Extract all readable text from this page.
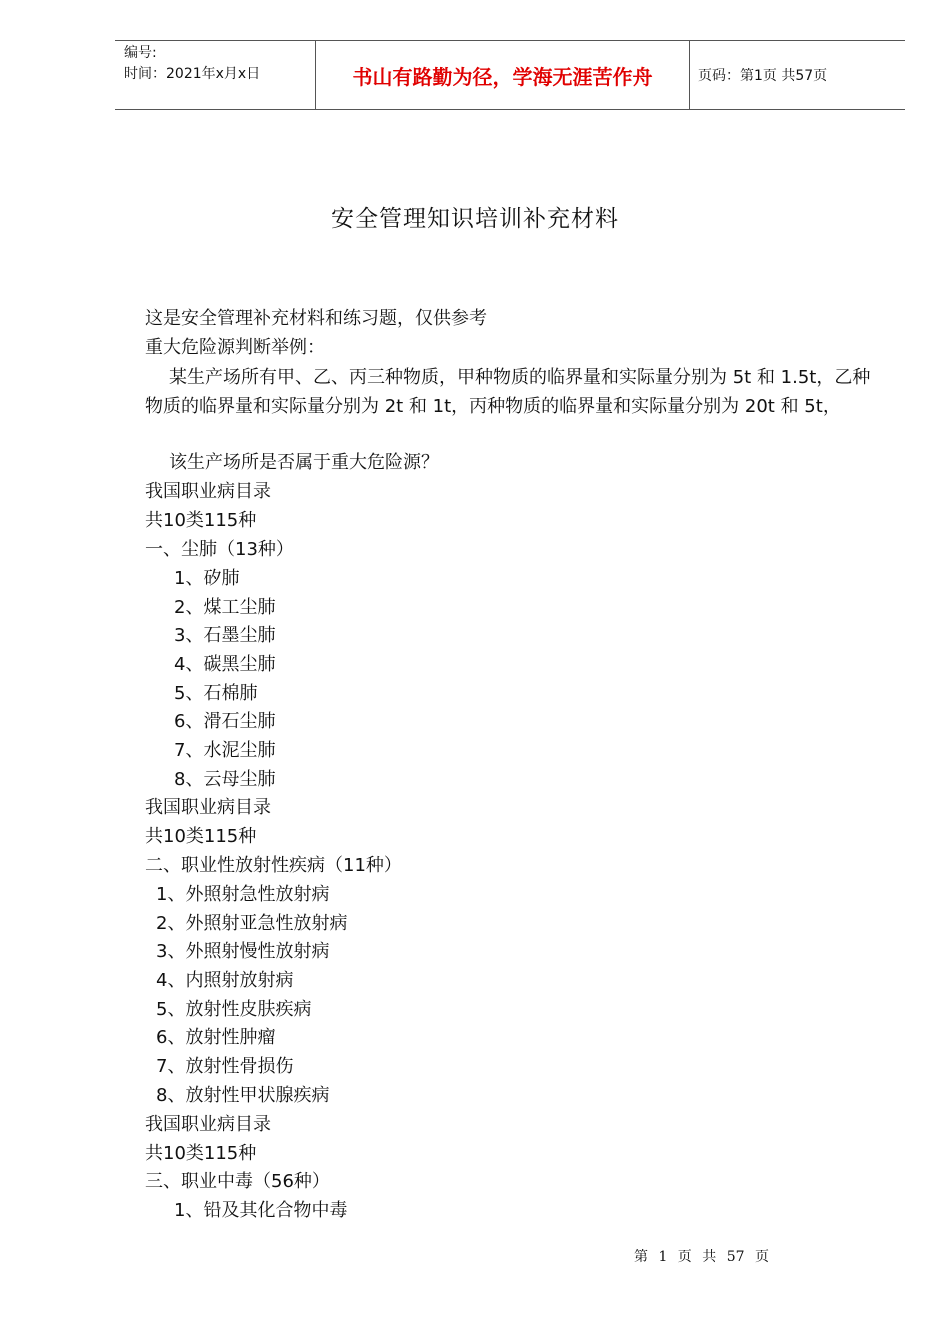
编号:
时间：2021年x月x日	书山有路勤为径，学海无涯苦作舟	页码：第1页 共57页
安全管理知识培训补充材料
这是安全管理补充材料和练习题，仅供参考
重大危险源判断举例：
某生产场所有甲、乙、丙三种物质，甲种物质的临界量和实际量分别为 5t 和 1.5t，乙种物质的临界量和实际量分别为 2t 和 1t，丙种物质的临界量和实际量分别为 20t 和 5t，
该生产场所是否属于重大危险源？
我国职业病目录
共10类115种
一、尘肺（13种）
1、矽肺
2、煤工尘肺
3、石墨尘肺
4、碳黑尘肺
5、石棉肺
6、滑石尘肺
7、水泥尘肺
8、云母尘肺
我国职业病目录
共10类115种
二、职业性放射性疾病（11种）
1、外照射急性放射病
2、外照射亚急性放射病
3、外照射慢性放射病
4、内照射放射病
5、放射性皮肤疾病
6、放射性肿瘤
7、放射性骨损伤
8、放射性甲状腺疾病
我国职业病目录
共10类115种
三、职业中毒（56种）
1、铅及其化合物中毒
第 1 页 共 57 页
